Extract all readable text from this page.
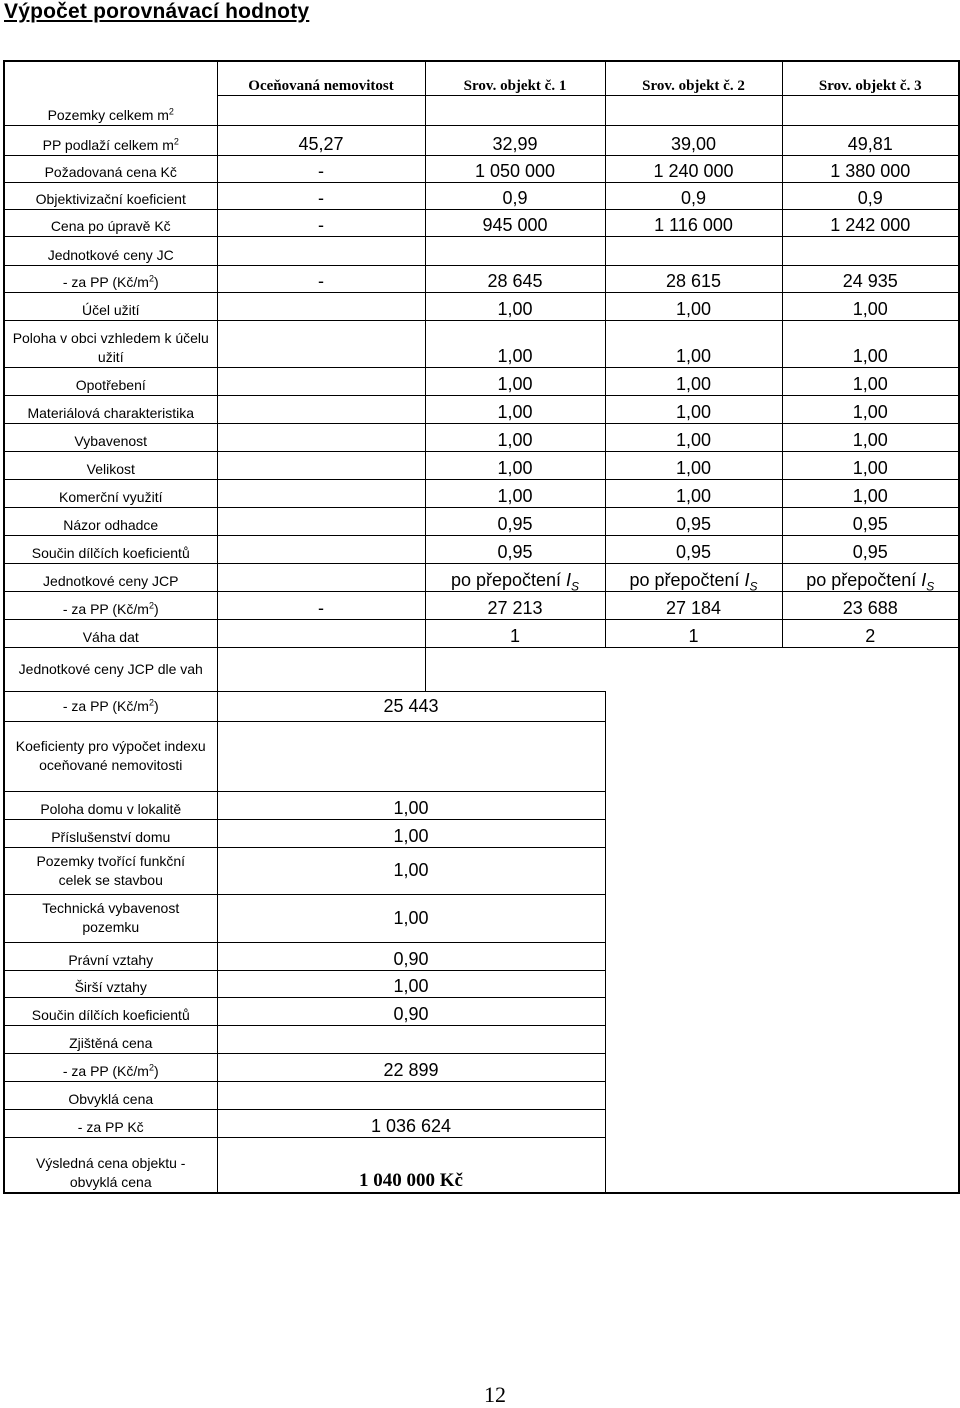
Výpočet porovnávací hodnoty
	Oceňovaná nemovitost	Srov. objekt č. 1	Srov. objekt č. 2	Srov. objekt č. 3
Pozemky celkem $m^2$				
PP podlaží celkem $m^2$	45,27	32,99	39,00	49,81
Požadovaná cena Kč	-	1 050 000	1 240 000	1 380 000
Objektivizační koeficient	-	0,9	0,9	0,9
Cena po úpravě Kč	-	945 000	1 116 000	1 242 000
Jednotkové ceny JC				
- za PP $(Kč/m^2)$	-	28 645	28 615	24 935
Účel užití		1,00	1,00	1,00
Poloha v obci vzhledem k účelu užití		1,00	1,00	1,00
Opotřebení		1,00	1,00	1,00
Materiálová charakteristika		1,00	1,00	1,00
Vybavenost		1,00	1,00	1,00
Velikost		1,00	1,00	1,00
Komerční využití		1,00	1,00	1,00
Názor odhadce		0,95	0,95	0,95
Součin dílčích koeficientů		0,95	0,95	0,95
Jednotkové ceny JCP		po přepočtení $I_S$	po přepočtení $I_S$	po přepočtení $I_S$
- za PP $(Kč/m^2)$	-	27 213	27 184	23 688
Váha dat		1	1	2
Jednotkové ceny JCP dle vah				
- za PP $(Kč/m^2)$	25 443			
Koeficienty pro výpočet indexu oceňované nemovitosti				
Poloha domu v lokalitě	1,00			
Příslušenství domu	1,00			
Pozemky tvořící funkční celek se stavbou	1,00			
Technická vybavenost pozemku	1,00			
Právní vztahy	0,90			
Širší vztahy	1,00			
Součin dílčích koeficientů	0,90			
Zjištěná cena				
- za PP $(Kč/m^2)$	22 899			
Obvyklá cena				
- za PP Kč	1 036 624			
Výsledná cena objektu - obvyklá cena	1 040 000 Kč			
12
